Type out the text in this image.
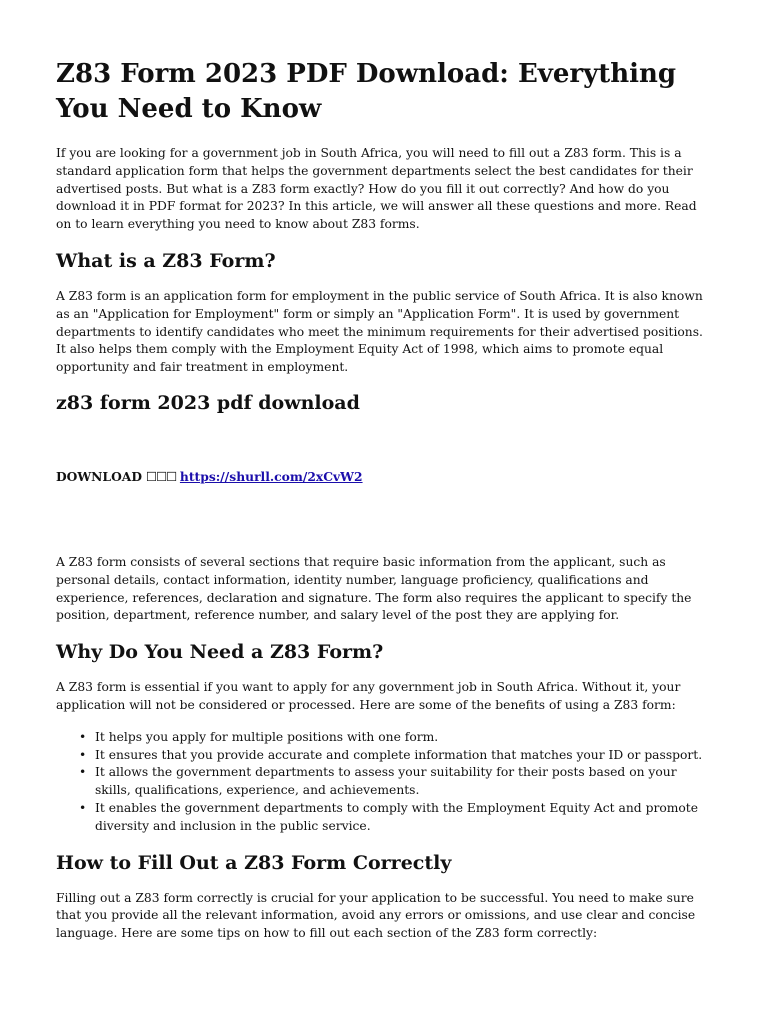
Z83 Form 2023 PDF Download: Everything You Need to Know

If you are looking for a government job in South Africa, you will need to fill out a Z83 form. This is a standard application form that helps the government departments select the best candidates for their advertised posts. But what is a Z83 form exactly? How do you fill it out correctly? And how do you download it in PDF format for 2023? In this article, we will answer all these questions and more. Read on to learn everything you need to know about Z83 forms.

What is a Z83 Form?

A Z83 form is an application form for employment in the public service of South Africa. It is also known as an "Application for Employment" form or simply an "Application Form". It is used by government departments to identify candidates who meet the minimum requirements for their advertised positions. It also helps them comply with the Employment Equity Act of 1998, which aims to promote equal opportunity and fair treatment in employment.

z83 form 2023 pdf download

DOWNLOAD ☐☐☐ https://shurll.com/2xCvW2

A Z83 form consists of several sections that require basic information from the applicant, such as personal details, contact information, identity number, language proficiency, qualifications and experience, references, declaration and signature. The form also requires the applicant to specify the position, department, reference number, and salary level of the post they are applying for.

Why Do You Need a Z83 Form?

A Z83 form is essential if you want to apply for any government job in South Africa. Without it, your application will not be considered or processed. Here are some of the benefits of using a Z83 form:

• It helps you apply for multiple positions with one form.
• It ensures that you provide accurate and complete information that matches your ID or passport.
• It allows the government departments to assess your suitability for their posts based on your skills, qualifications, experience, and achievements.
• It enables the government departments to comply with the Employment Equity Act and promote diversity and inclusion in the public service.
How to Fill Out a Z83 Form Correctly

Filling out a Z83 form correctly is crucial for your application to be successful. You need to make sure that you provide all the relevant information, avoid any errors or omissions, and use clear and concise language. Here are some tips on how to fill out each section of the Z83 form correctly:
